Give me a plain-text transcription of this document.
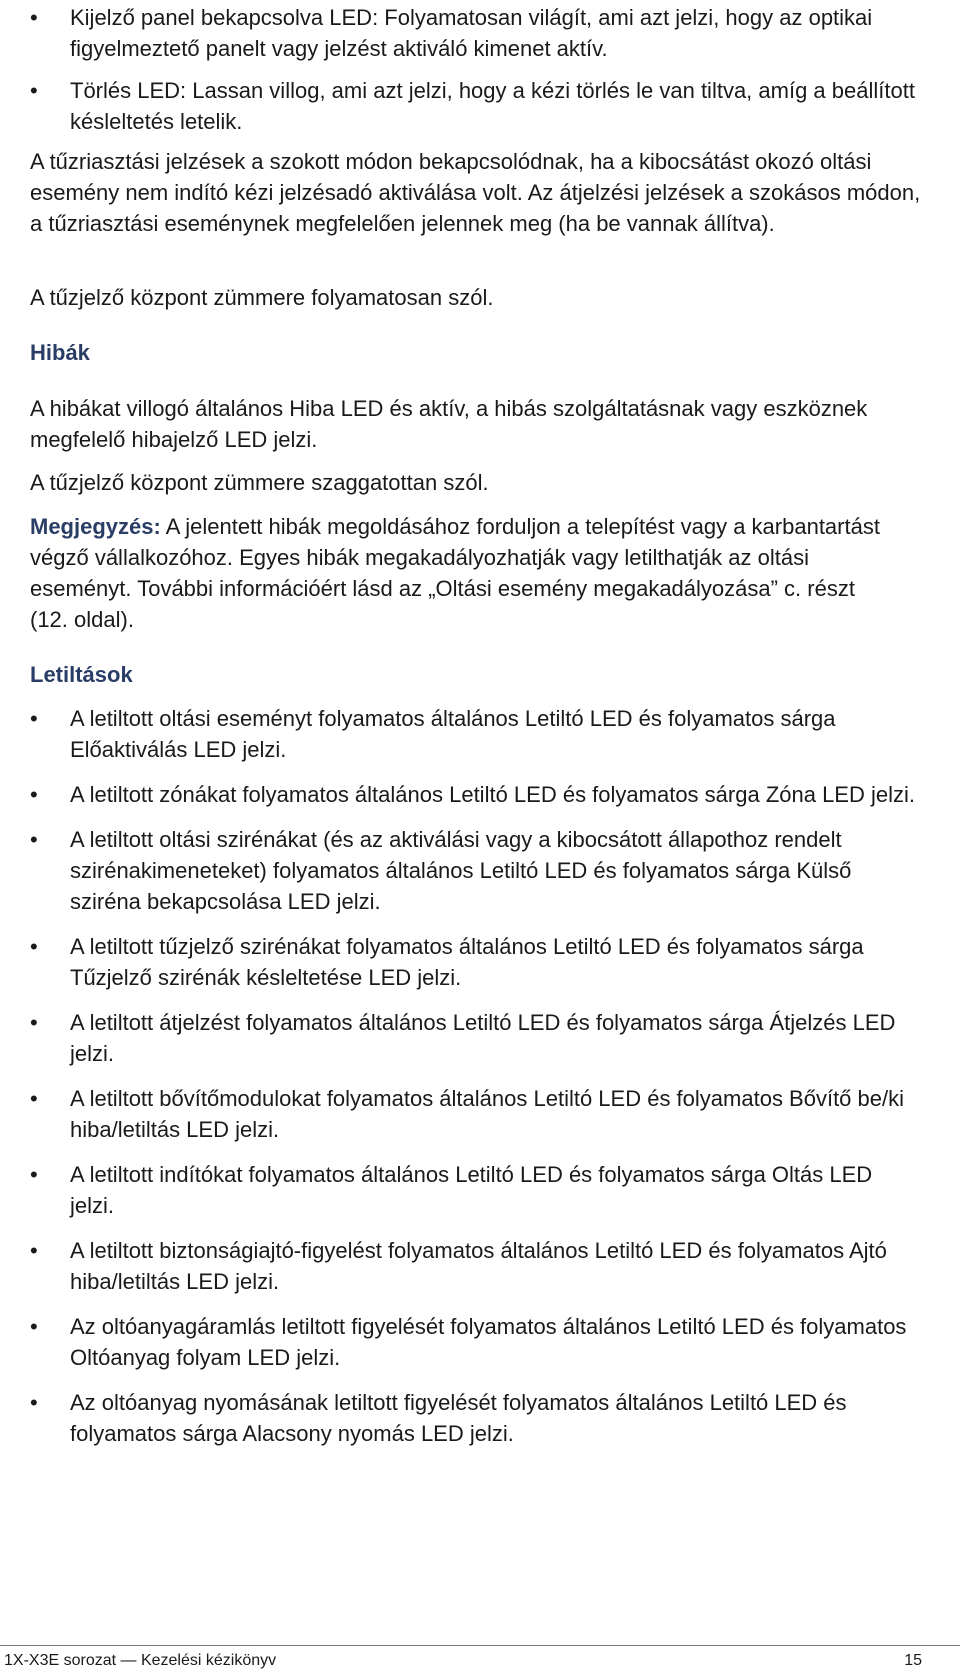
•	Kijelző panel bekapcsolva LED: Folyamatosan világít, ami azt jelzi, hogy az optikai figyelmeztető panelt vagy jelzést aktiváló kimenet aktív.
•	Törlés LED: Lassan villog, ami azt jelzi, hogy a kézi törlés le van tiltva, amíg a beállított késleltetés letelik.

A tűzriasztási jelzések a szokott módon bekapcsolódnak, ha a kibocsátást okozó oltási esemény nem indító kézi jelzésadó aktiválása volt. Az átjelzési jelzések a szokásos módon, a tűzriasztási eseménynek megfelelően jelennek meg (ha be vannak állítva).

A tűzjelző központ zümmere folyamatosan szól.

Hibák

A hibákat villogó általános Hiba LED és aktív, a hibás szolgáltatásnak vagy eszköznek megfelelő hibajelző LED jelzi.

A tűzjelző központ zümmere szaggatottan szól.

Megjegyzés: A jelentett hibák megoldásához forduljon a telepítést vagy a karbantartást végző vállalkozóhoz. Egyes hibák megakadályozhatják vagy letilthatják az oltási eseményt. További információért lásd az „Oltási esemény megakadályozása” c. részt (12. oldal).

Letiltások
•	A letiltott oltási eseményt folyamatos általános Letiltó LED és folyamatos sárga Előaktiválás LED jelzi.
•	A letiltott zónákat folyamatos általános Letiltó LED és folyamatos sárga Zóna LED jelzi.
•	A letiltott oltási szirénákat (és az aktiválási vagy a kibocsátott állapothoz rendelt szirénakimeneteket) folyamatos általános Letiltó LED és folyamatos sárga Külső sziréna bekapcsolása LED jelzi.
•	A letiltott tűzjelző szirénákat folyamatos általános Letiltó LED és folyamatos sárga Tűzjelző szirénák késleltetése LED jelzi.
•	A letiltott átjelzést folyamatos általános Letiltó LED és folyamatos sárga Átjelzés LED jelzi.
•	A letiltott bővítőmodulokat folyamatos általános Letiltó LED és folyamatos Bővítő be/ki hiba/letiltás LED jelzi.
•	A letiltott indítókat folyamatos általános Letiltó LED és folyamatos sárga Oltás LED jelzi.
•	A letiltott biztonságiajtó-figyelést folyamatos általános Letiltó LED és folyamatos Ajtó hiba/letiltás LED jelzi.
•	Az oltóanyagáramlás letiltott figyelését folyamatos általános Letiltó LED és folyamatos Oltóanyag folyam LED jelzi.
•	Az oltóanyag nyomásának letiltott figyelését folyamatos általános Letiltó LED és folyamatos sárga Alacsony nyomás LED jelzi.
1X-X3E sorozat — Kezelési kézikönyv	15
